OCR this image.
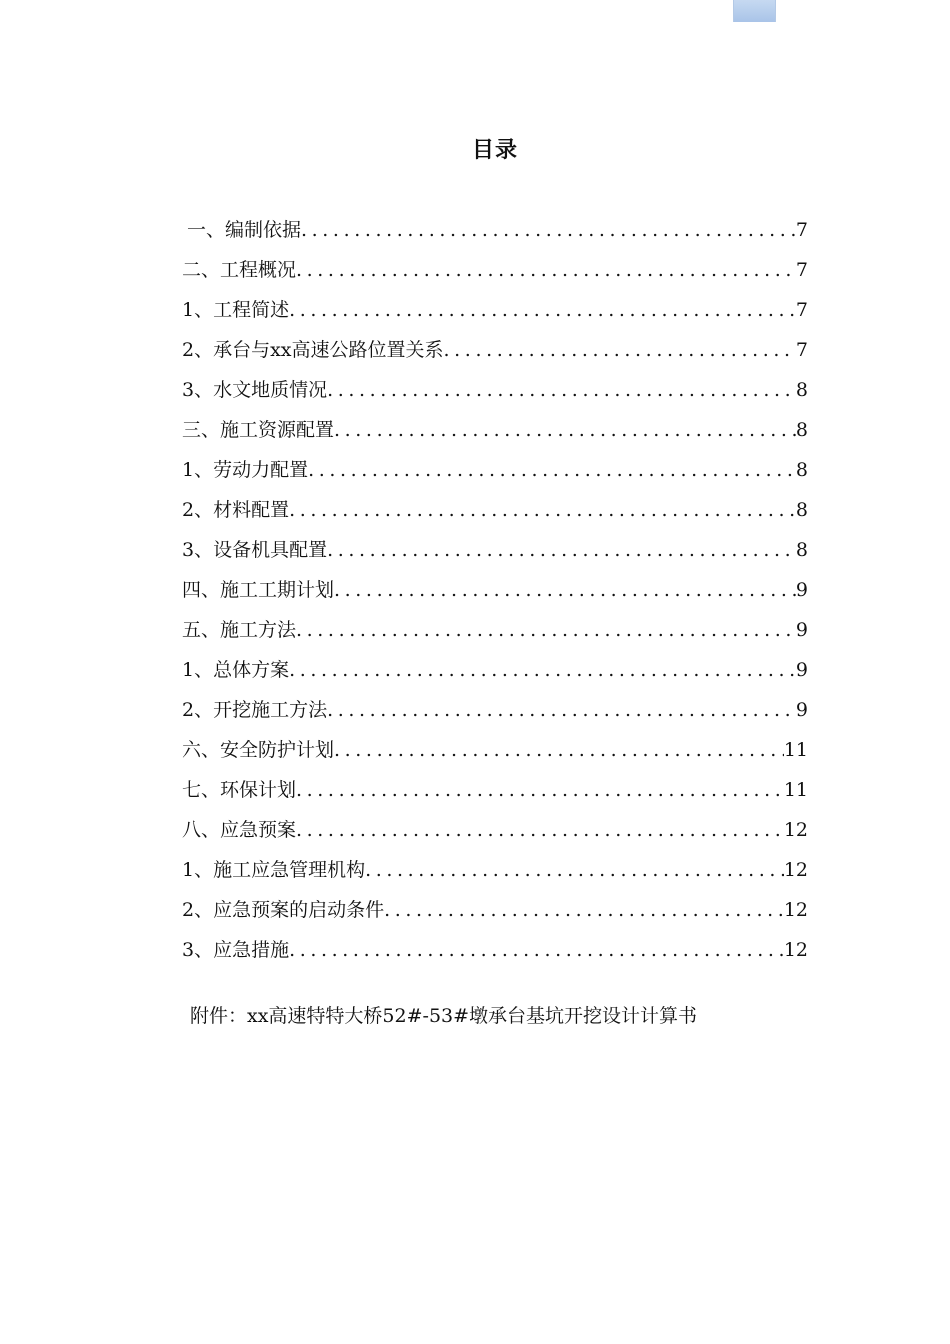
目录
一、编制依据 .....	7
二、工程概况 .....	7
1、工程简述 .....	7
2、承台与xx高速公路位置关系 .....	7
3、水文地质情况 .....	8
三、施工资源配置 .....	8
1、劳动力配置 .....	8
2、材料配置 .....	8
3、设备机具配置 .....	8
四、施工工期计划 .....	9
五、施工方法 .....	9
1、总体方案 .....	9
2、开挖施工方法 .....	9
六、安全防护计划 .....	11
七、环保计划 .....	11
八、应急预案 .....	12
1、施工应急管理机构 .....	12
2、应急预案的启动条件 .....	12
3、应急措施 .....	12
附件：xx高速特特大桥52#-53#墩承台基坑开挖设计计算书
